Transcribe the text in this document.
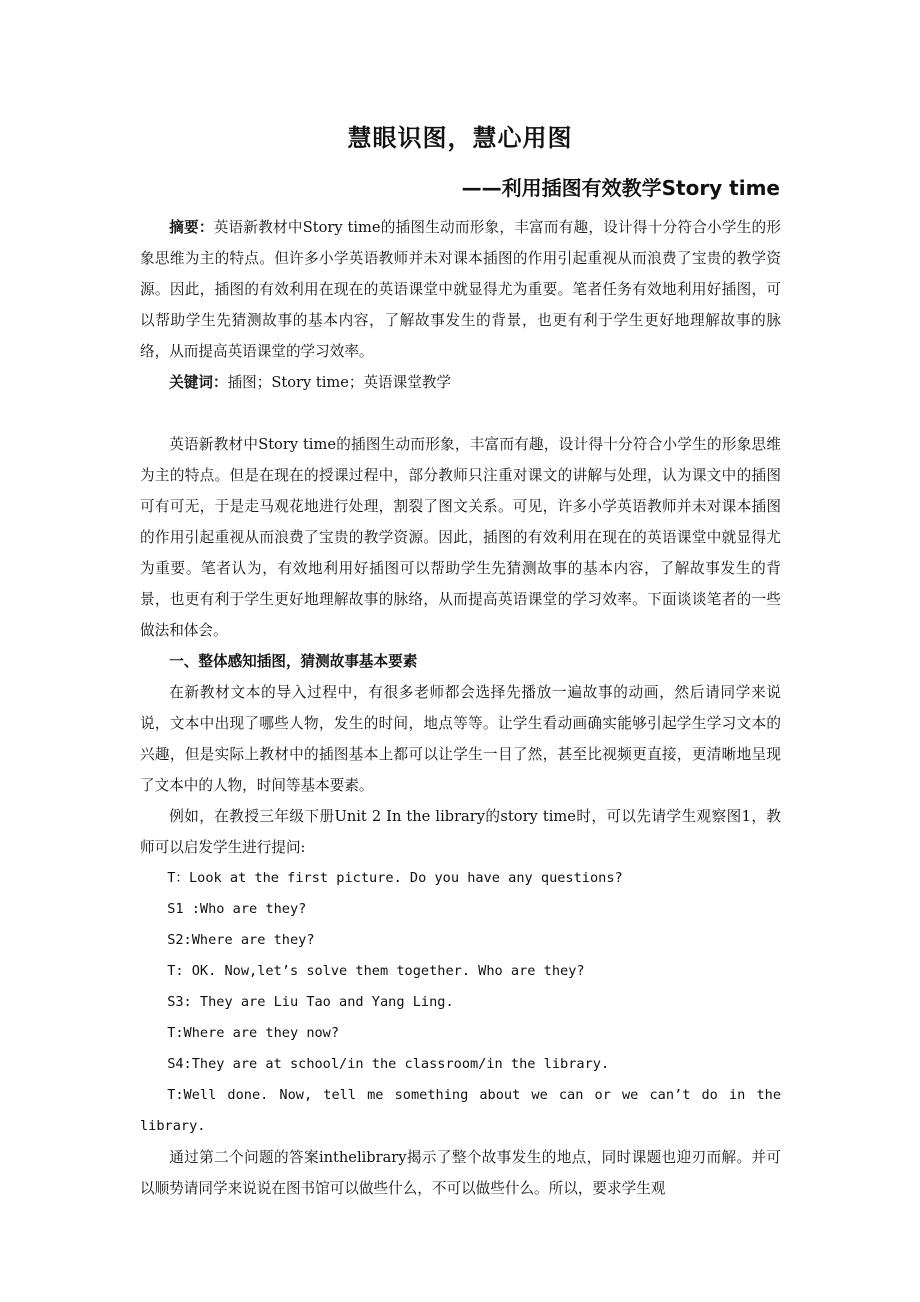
慧眼识图，慧心用图
——利用插图有效教学Story time

摘要：英语新教材中Story time的插图生动而形象，丰富而有趣，设计得十分符合小学生的形象思维为主的特点。但许多小学英语教师并未对课本插图的作用引起重视从而浪费了宝贵的教学资源。因此，插图的有效利用在现在的英语课堂中就显得尤为重要。笔者任务有效地利用好插图，可以帮助学生先猜测故事的基本内容，了解故事发生的背景，也更有利于学生更好地理解故事的脉络，从而提高英语课堂的学习效率。

关键词：插图；Story time；英语课堂教学

英语新教材中Story time的插图生动而形象，丰富而有趣，设计得十分符合小学生的形象思维为主的特点。但是在现在的授课过程中，部分教师只注重对课文的讲解与处理，认为课文中的插图可有可无，于是走马观花地进行处理，割裂了图文关系。可见，许多小学英语教师并未对课本插图的作用引起重视从而浪费了宝贵的教学资源。因此，插图的有效利用在现在的英语课堂中就显得尤为重要。笔者认为，有效地利用好插图可以帮助学生先猜测故事的基本内容，了解故事发生的背景，也更有利于学生更好地理解故事的脉络，从而提高英语课堂的学习效率。下面谈谈笔者的一些做法和体会。

一、整体感知插图，猜测故事基本要素

在新教材文本的导入过程中，有很多老师都会选择先播放一遍故事的动画，然后请同学来说说，文本中出现了哪些人物，发生的时间，地点等等。让学生看动画确实能够引起学生学习文本的兴趣，但是实际上教材中的插图基本上都可以让学生一目了然，甚至比视频更直接，更清晰地呈现了文本中的人物，时间等基本要素。

例如，在教授三年级下册Unit 2 In the library的story time时，可以先请学生观察图1，教师可以启发学生进行提问:

T：Look at the first picture. Do you have any questions?

S1 :Who are they?

S2:Where are they?

T: OK. Now,let’s solve them together. Who are they?

S3: They are Liu Tao and Yang Ling.

T:Where are they now?

S4:They are at school/in the classroom/in the library.

T:Well done. Now, tell me something about we can or we can’t do in the library.

通过第二个问题的答案inthelibrary揭示了整个故事发生的地点，同时课题也迎刃而解。并可以顺势请同学来说说在图书馆可以做些什么，不可以做些什么。所以，要求学生观
